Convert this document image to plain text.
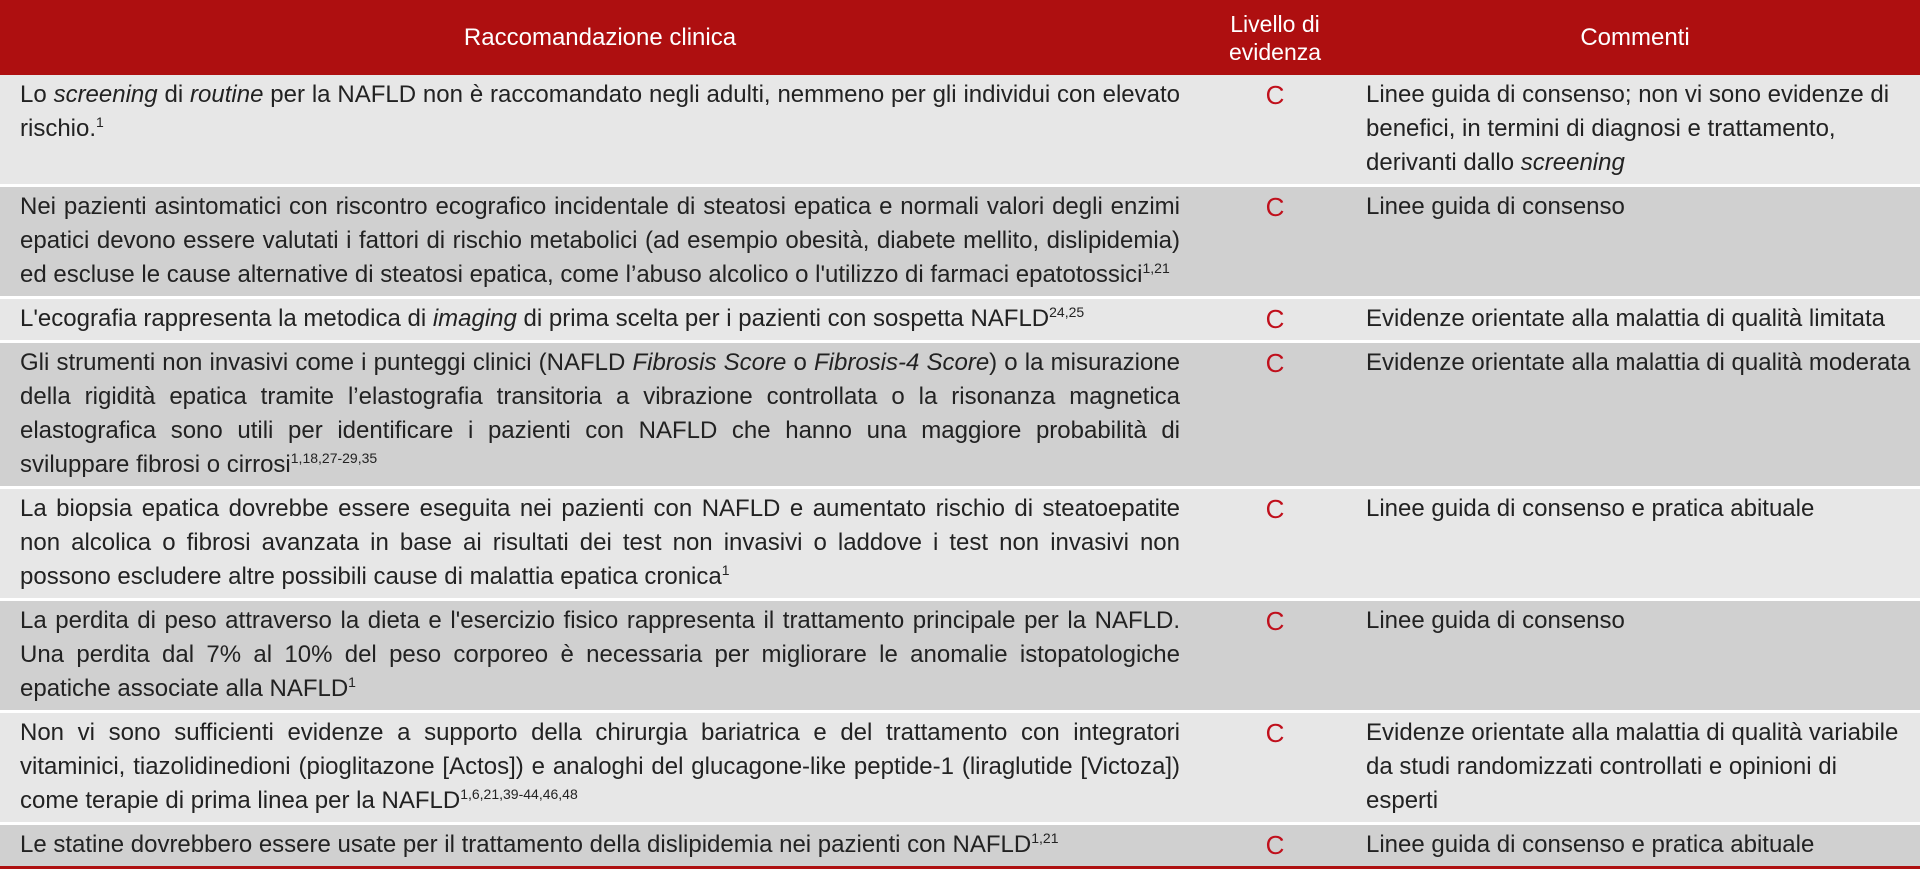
Raccomandazione clinica	Livello di evidenza	Commenti
Lo screening di routine per la NAFLD non è raccomandato negli adulti, nemmeno per gli individui con elevato rischio.$^1$	C	Linee guida di consenso; non vi sono evidenze di benefici, in termini di diagnosi e trattamento, derivanti dallo screening
Nei pazienti asintomatici con riscontro ecografico incidentale di steatosi epatica e normali valori degli enzimi epatici devono essere valutati i fattori di rischio metabolici (ad esempio obesità, diabete mellito, dislipidemia) ed escluse le cause alternative di steatosi epatica, come l’abuso alcolico o l'utilizzo di farmaci epatotossici$^{1,21}$	C	Linee guida di consenso
L'ecografia rappresenta la metodica di imaging di prima scelta per i pazienti con sospetta NAFLD$^{24,25}$	C	Evidenze orientate alla malattia di qualità limitata
Gli strumenti non invasivi come i punteggi clinici (NAFLD Fibrosis Score o Fibrosis-4 Score) o la misurazione della rigidità epatica tramite l’elastografia transitoria a vibrazione controllata o la risonanza magnetica elastografica sono utili per identificare i pazienti con NAFLD che hanno una maggiore probabilità di sviluppare fibrosi o cirrosi$^{1,18,27-29,35}$	C	Evidenze orientate alla malattia di qualità moderata
La biopsia epatica dovrebbe essere eseguita nei pazienti con NAFLD e aumentato rischio di steatoepatite non alcolica o fibrosi avanzata in base ai risultati dei test non invasivi o laddove i test non invasivi non possono escludere altre possibili cause di malattia epatica cronica$^1$	C	Linee guida di consenso e pratica abituale
La perdita di peso attraverso la dieta e l'esercizio fisico rappresenta il trattamento principale per la NAFLD. Una perdita dal 7% al 10% del peso corporeo è necessaria per migliorare le anomalie istopatologiche epatiche associate alla NAFLD$^1$	C	Linee guida di consenso
Non vi sono sufficienti evidenze a supporto della chirurgia bariatrica e del trattamento con integratori vitaminici, tiazolidinedioni (pioglitazone [Actos]) e analoghi del glucagone-like peptide-1 (liraglutide [Victoza]) come terapie di prima linea per la NAFLD$^{1,6,21,39-44,46,48}$	C	Evidenze orientate alla malattia di qualità variabile da studi randomizzati controllati e opinioni di esperti
Le statine dovrebbero essere usate per il trattamento della dislipidemia nei pazienti con NAFLD$^{1,21}$	C	Linee guida di consenso e pratica abituale
